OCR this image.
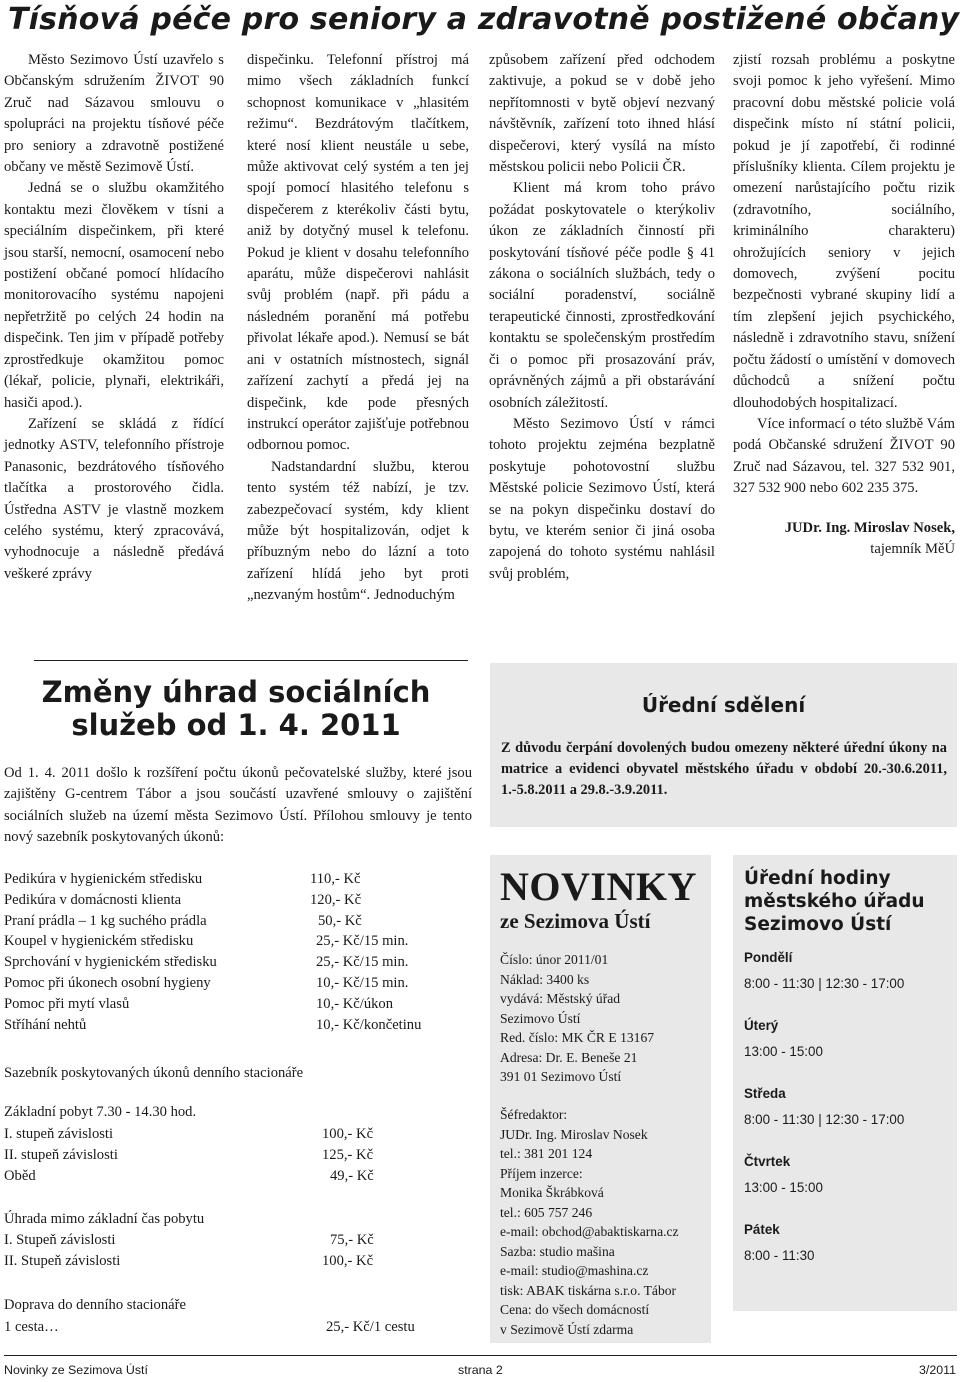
Tísňová péče pro seniory a zdravotně postižené občany

Město Sezimovo Ústí uzavřelo s Občanským sdružením ŽIVOT 90 Zruč nad Sázavou smlouvu o spolupráci na projektu tísňové péče pro seniory a zdravotně postižené občany ve městě Sezimově Ústí.

Jedná se o službu okamžitého kontaktu mezi člověkem v tísni a speciálním dispečinkem, při které jsou starší, nemocní, osamocení nebo postižení občané pomocí hlídacího monitorovacího systému napojeni nepřetržitě po celých 24 hodin na dispečink. Ten jim v případě potřeby zprostředkuje okamžitou pomoc (lékař, policie, plynaři, elektrikáři, hasiči apod.).

Zařízení se skládá z řídící jednotky ASTV, telefonního přístroje Panasonic, bezdrátového tísňového tlačítka a prostorového čidla. Ústředna ASTV je vlastně mozkem celého systému, který zpracovává, vyhodnocuje a následně předává veškeré zprávy

dispečinku. Telefonní přístroj má mimo všech základních funkcí schopnost komunikace v „hlasitém režimu“. Bezdrátovým tlačítkem, které nosí klient neustále u sebe, může aktivovat celý systém a ten jej spojí pomocí hlasitého telefonu s dispečerem z kterékoliv části bytu, aniž by dotyčný musel k telefonu. Pokud je klient v dosahu telefonního aparátu, může dispečerovi nahlásit svůj problém (např. při pádu a následném poranění má potřebu přivolat lékaře apod.). Nemusí se bát ani v ostatních místnostech, signál zařízení zachytí a předá jej na dispečink, kde pode přesných instrukcí operátor zajišťuje potřebnou odbornou pomoc.

Nadstandardní službu, kterou tento systém též nabízí, je tzv. zabezpečovací systém, kdy klient může být hospitalizován, odjet k příbuzným nebo do lázní a toto zařízení hlídá jeho byt proti „nezvaným hostům“. Jednoduchým

způsobem zařízení před odchodem zaktivuje, a pokud se v době jeho nepřítomnosti v bytě objeví nezvaný návštěvník, zařízení toto ihned hlásí dispečerovi, který vysílá na místo městskou policii nebo Policii ČR.

Klient má krom toho právo požádat poskytovatele o kterýkoliv úkon ze základních činností při poskytování tísňové péče podle § 41 zákona o sociálních službách, tedy o sociální poradenství, sociálně terapeutické činnosti, zprostředkování kontaktu se společenským prostředím či o pomoc při prosazování práv, oprávněných zájmů a při obstarávání osobních záležitostí.

Město Sezimovo Ústí v rámci tohoto projektu zejména bezplatně poskytuje pohotovostní službu Městské policie Sezimovo Ústí, která se na pokyn dispečinku dostaví do bytu, ve kterém senior či jiná osoba zapojená do tohoto systému nahlásil svůj problém,

zjistí rozsah problému a poskytne svoji pomoc k jeho vyřešení. Mimo pracovní dobu městské policie volá dispečink místo ní státní policii, pokud je jí zapotřebí, či rodinné příslušníky klienta. Cílem projektu je omezení narůstajícího počtu rizik (zdravotního, sociálního, kriminálního charakteru) ohrožujících seniory v jejich domovech, zvýšení pocitu bezpečnosti vybrané skupiny lidí a tím zlepšení jejich psychického, následně i zdravotního stavu, snížení počtu žádostí o umístění v domovech důchodců a snížení počtu dlouhodobých hospitalizací.

Více informací o této službě Vám podá Občanské sdružení ŽIVOT 90 Zruč nad Sázavou, tel. 327 532 901, 327 532 900 nebo 602 235 375.

JUDr. Ing. Miroslav Nosek,
tajemník MěÚ
Změny úhrad sociálních
služeb od 1. 4. 2011
Od 1. 4. 2011 došlo k rozšíření počtu úkonů pečovatelské služby, které jsou zajištěny G-centrem Tábor a jsou součástí uzavřené smlouvy o zajištění sociálních služeb na území města Sezimovo Ústí. Přílohou smlouvy je tento nový sazebník poskytovaných úkonů:
Pedikúra v hygienickém středisku	110,- Kč
Pedikúra v domácnosti klienta	120,- Kč
Praní prádla – 1 kg suchého prádla	50,- Kč
Koupel v hygienickém středisku	25,- Kč/15 min.
Sprchování v hygienickém středisku	25,- Kč/15 min.
Pomoc při úkonech osobní hygieny	10,- Kč/15 min.
Pomoc při mytí vlasů	10,- Kč/úkon
Stříhání nehtů	10,- Kč/končetinu
Sazebník poskytovaných úkonů denního stacionáře
Základní pobyt 7.30 - 14.30 hod.
I. stupeň závislosti	100,- Kč
II. stupeň závislosti	125,- Kč
Oběd	49,- Kč
Úhrada mimo základní čas pobytu
I. Stupeň závislosti	75,- Kč
II. Stupeň závislosti	100,- Kč
Doprava do denního stacionáře
1 cesta…	25,- Kč/1 cestu
Úřední sdělení
Z důvodu čerpání dovolených budou omezeny některé úřední úkony na matrice a evidenci obyvatel městského úřadu v období 20.-30.6.2011, 1.-5.8.2011 a 29.8.-3.9.2011.
NOVINKY
ze Sezimova Ústí
Číslo: únor 2011/01
Náklad: 3400 ks
vydává: Městský úřad
Sezimovo Ústí
Red. číslo: MK ČR E 13167
Adresa: Dr. E. Beneše 21
391 01 Sezimovo Ústí
Šéfredaktor:
JUDr. Ing. Miroslav Nosek
tel.: 381 201 124
Příjem inzerce:
Monika Škrábková
tel.: 605 757 246
e-mail: obchod@abaktiskarna.cz
Sazba: studio mašina
e-mail: studio@mashina.cz
tisk: ABAK tiskárna s.r.o. Tábor
Cena: do všech domácností
v Sezimově Ústí zdarma
Úřední hodiny městského úřadu Sezimovo Ústí
Pondělí
8:00 - 11:30 | 12:30 - 17:00
Úterý
13:00 - 15:00
Středa
8:00 - 11:30 | 12:30 - 17:00
Čtvrtek
13:00 - 15:00
Pátek
8:00 - 11:30
Novinky ze Sezimova Ústí	strana 2	3/2011
